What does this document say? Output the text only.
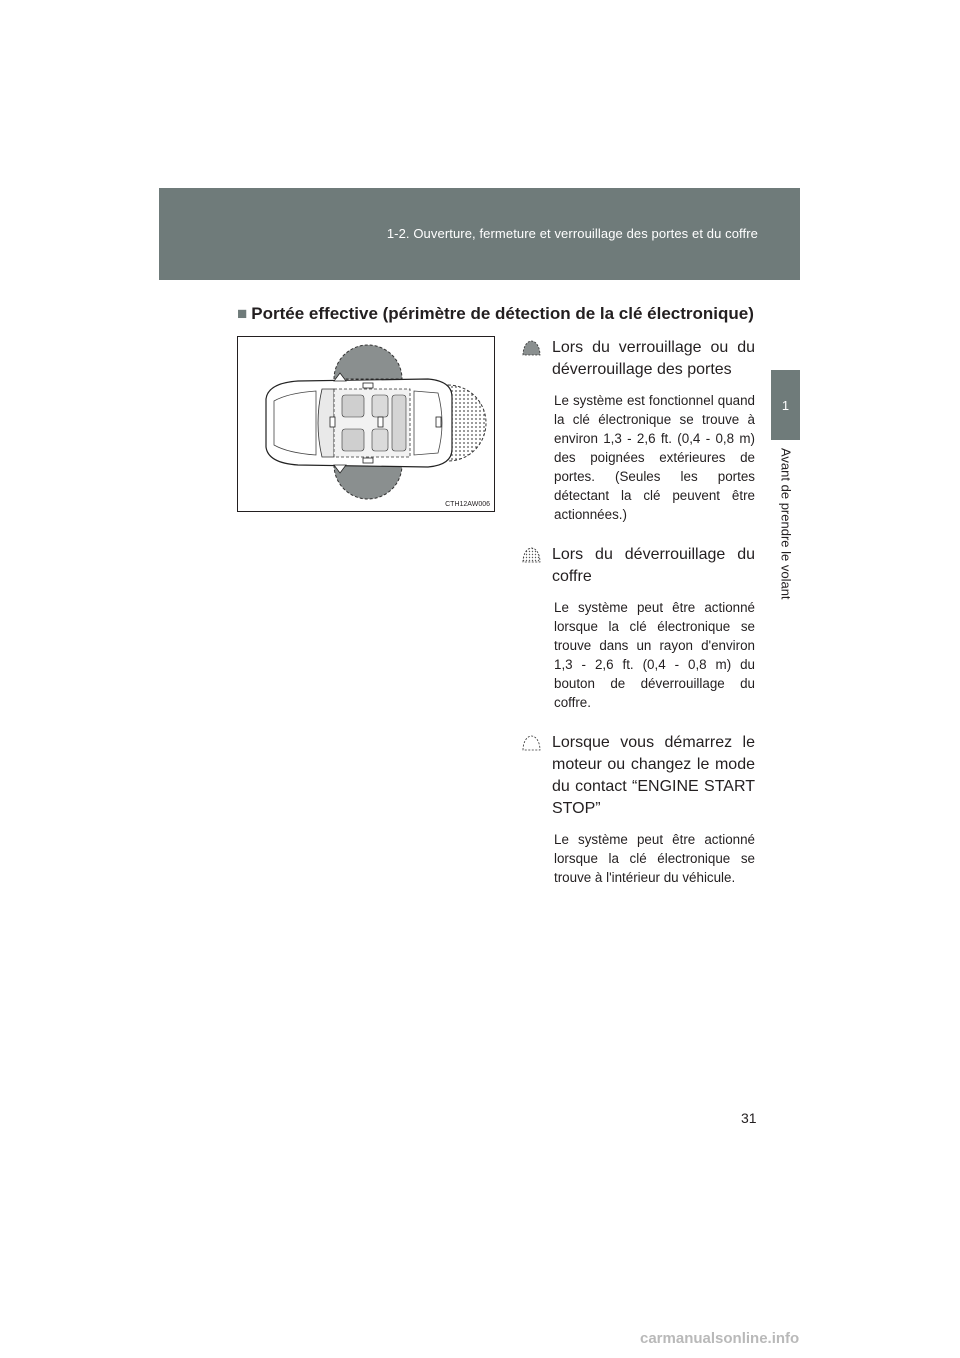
1-2. Ouverture, fermeture et verrouillage des portes et du coffre
1
Avant de prendre le volant
■ Portée effective (périmètre de détection de la clé électronique)
CTH12AW006
Lors du verrouillage ou du déverrouillage des portes
Le système est fonctionnel quand la clé électronique se trouve à environ 1,3 - 2,6 ft. (0,4 - 0,8 m) des poignées extérieures de portes. (Seules les portes détectant la clé peuvent être actionnées.)
Lors du déverrouillage du coffre
Le système peut être actionné lorsque la clé électronique se trouve dans un rayon d'environ 1,3 - 2,6 ft. (0,4 - 0,8 m) du bouton de déverrouillage du coffre.
Lorsque vous démarrez le moteur ou changez le mode du contact “ENGINE START STOP”
Le système peut être actionné lorsque la clé électronique se trouve à l'intérieur du véhicule.
31
carmanualsonline.info
